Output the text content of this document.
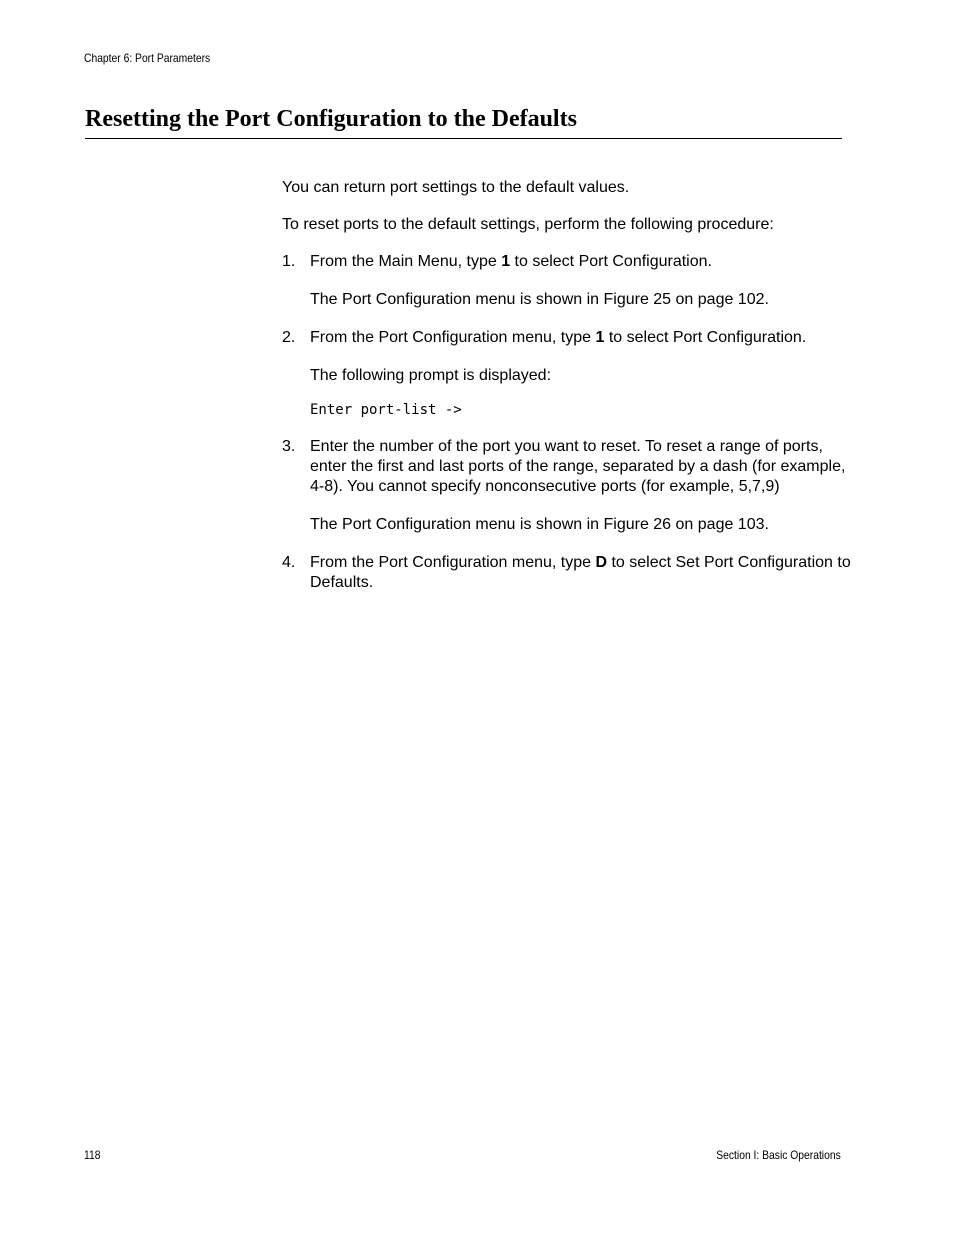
Chapter 6: Port Parameters
Resetting the Port Configuration to the Defaults

You can return port settings to the default values.

To reset ports to the default settings, perform the following procedure:

1. From the Main Menu, type 1 to select Port Configuration.

The Port Configuration menu is shown in Figure 25 on page 102.

2. From the Port Configuration menu, type 1 to select Port Configuration.

The following prompt is displayed:

Enter port-list ->

3. Enter the number of the port you want to reset. To reset a range of ports, enter the first and last ports of the range, separated by a dash (for example, 4-8). You cannot specify nonconsecutive ports (for example, 5,7,9)

The Port Configuration menu is shown in Figure 26 on page 103.

4. From the Port Configuration menu, type D to select Set Port Configuration to Defaults.
118	Section I: Basic Operations
